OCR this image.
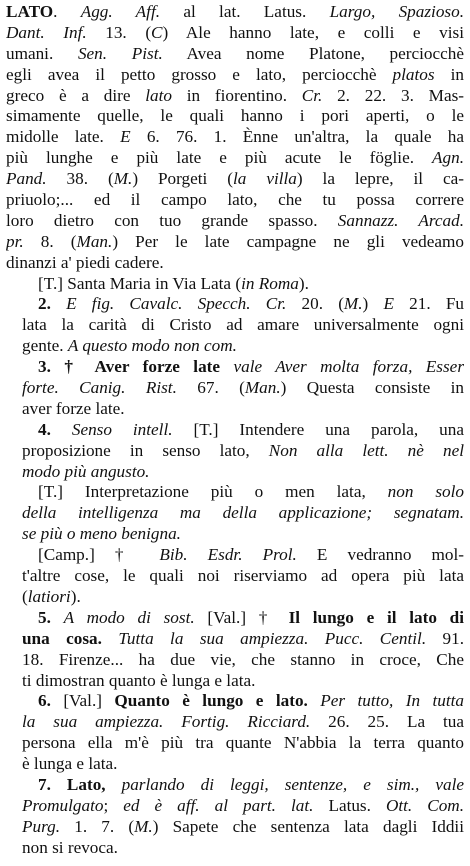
LATO. Agg. Aff. al lat. Latus. Largo, Spazioso.
Dant. Inf. 13. (C) Ale hanno late, e colli e visi
umani. Sen. Pist. Avea nome Platone, perciocchè
egli avea il petto grosso e lato, perciocchè platos in
greco è a dire lato in fiorentino. Cr. 2. 22. 3. Mas-
simamente quelle, le quali hanno i pori aperti, o le
midolle late. E 6. 76. 1. Ènne un'altra, la quale ha
più lunghe e più late e più acute le föglie. Agn.
Pand. 38. (M.) Porgeti (la villa) la lepre, il ca-
priuolo;... ed il campo lato, che tu possa correre
loro dietro con tuo grande spasso. Sannazz. Arcad.
pr. 8. (Man.) Per le late campagne ne gli vedeamo
dinanzi a' piedi cadere.
[T.] Santa Maria in Via Lata (in Roma).
2. E fig. Cavalc. Specch. Cr. 20. (M.) E 21. Fu
lata la carità di Cristo ad amare universalmente ogni
gente. A questo modo non com.
3. † Aver forze late vale Aver molta forza, Esser
forte. Canig. Rist. 67. (Man.) Questa consiste in
aver forze late.
4. Senso intell. [T.] Intendere una parola, una
proposizione in senso lato, Non alla lett. nè nel
modo più angusto.
[T.] Interpretazione più o men lata, non solo
della intelligenza ma della applicazione; segnatam.
se più o meno benigna.
[Camp.] † Bib. Esdr. Prol. E vedranno mol-
t'altre cose, le quali noi riserviamo ad opera più lata
(latiori).
5. A modo di sost. [Val.] † Il lungo e il lato di
una cosa. Tutta la sua ampiezza. Pucc. Centil. 91.
18. Firenze... ha due vie, che stanno in croce, Che
ti dimostran quanto è lunga e lata.
6. [Val.] Quanto è lungo e lato. Per tutto, In tutta
la sua ampiezza. Fortig. Ricciard. 26. 25. La tua
persona ella m'è più tra quante N'abbia la terra quanto
è lunga e lata.
7. Lato, parlando di leggi, sentenze, e sim., vale
Promulgato; ed è aff. al part. lat. Latus. Ott. Com.
Purg. 1. 7. (M.) Sapete che sentenza lata dagli Iddii
non si revoca.
